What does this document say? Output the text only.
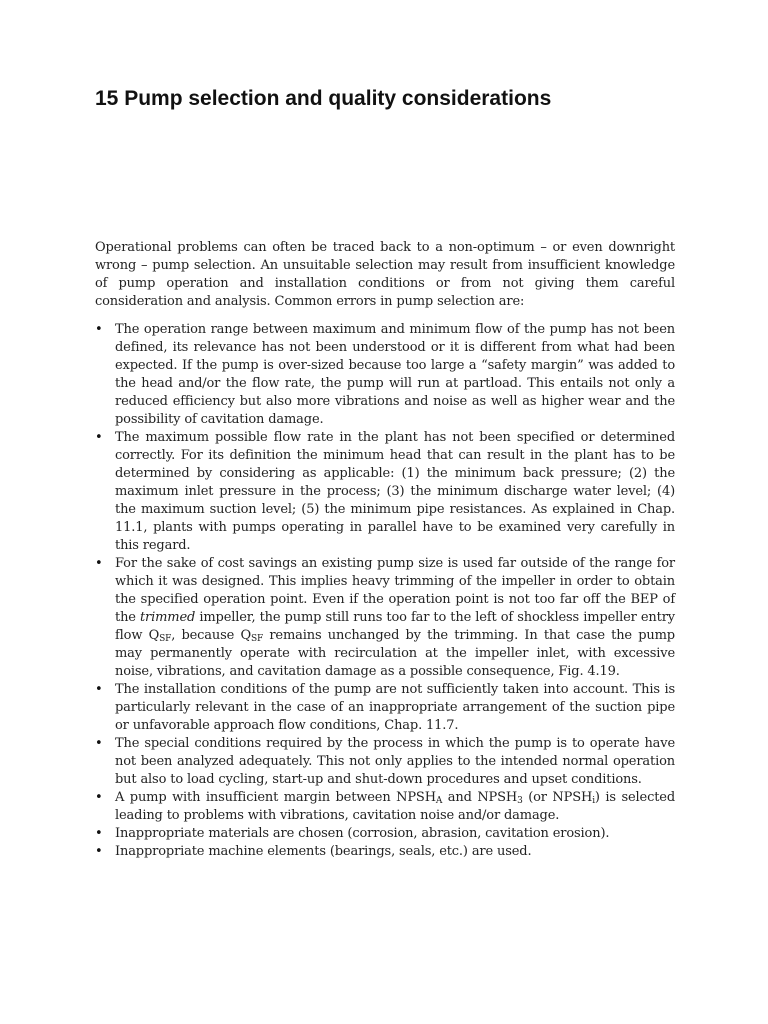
15 Pump selection and quality considerations

Operational problems can often be traced back to a non-optimum – or even downright wrong – pump selection. An unsuitable selection may result from insufficient knowledge of pump operation and installation conditions or from not giving them careful consideration and analysis. Common errors in pump selection are:

• The operation range between maximum and minimum flow of the pump has not been defined, its relevance has not been understood or it is different from what had been expected. If the pump is over-sized because too large a “safety margin” was added to the head and/or the flow rate, the pump will run at partload. This entails not only a reduced efficiency but also more vibrations and noise as well as higher wear and the possibility of cavitation damage.
• The maximum possible flow rate in the plant has not been specified or determined correctly. For its definition the minimum head that can result in the plant has to be determined by considering as applicable: (1) the minimum back pressure; (2) the maximum inlet pressure in the process; (3) the minimum discharge water level; (4) the maximum suction level; (5) the minimum pipe resistances. As explained in Chap. 11.1, plants with pumps operating in parallel have to be examined very carefully in this regard.
• For the sake of cost savings an existing pump size is used far outside of the range for which it was designed. This implies heavy trimming of the impeller in order to obtain the specified operation point. Even if the operation point is not too far off the BEP of the trimmed impeller, the pump still runs too far to the left of shockless impeller entry flow $Q_{SF}$, because $Q_{SF}$ remains unchanged by the trimming. In that case the pump may permanently operate with recirculation at the impeller inlet, with excessive noise, vibrations, and cavitation damage as a possible consequence, Fig. 4.19.
• The installation conditions of the pump are not sufficiently taken into account. This is particularly relevant in the case of an inappropriate arrangement of the suction pipe or unfavorable approach flow conditions, Chap. 11.7.
• The special conditions required by the process in which the pump is to operate have not been analyzed adequately. This not only applies to the intended normal operation but also to load cycling, start-up and shut-down procedures and upset conditions.
• A pump with insufficient margin between $NPSH_A$ and $NPSH_3$ (or $NPSH_i$) is selected leading to problems with vibrations, cavitation noise and/or damage.
• Inappropriate materials are chosen (corrosion, abrasion, cavitation erosion).
• Inappropriate machine elements (bearings, seals, etc.) are used.
